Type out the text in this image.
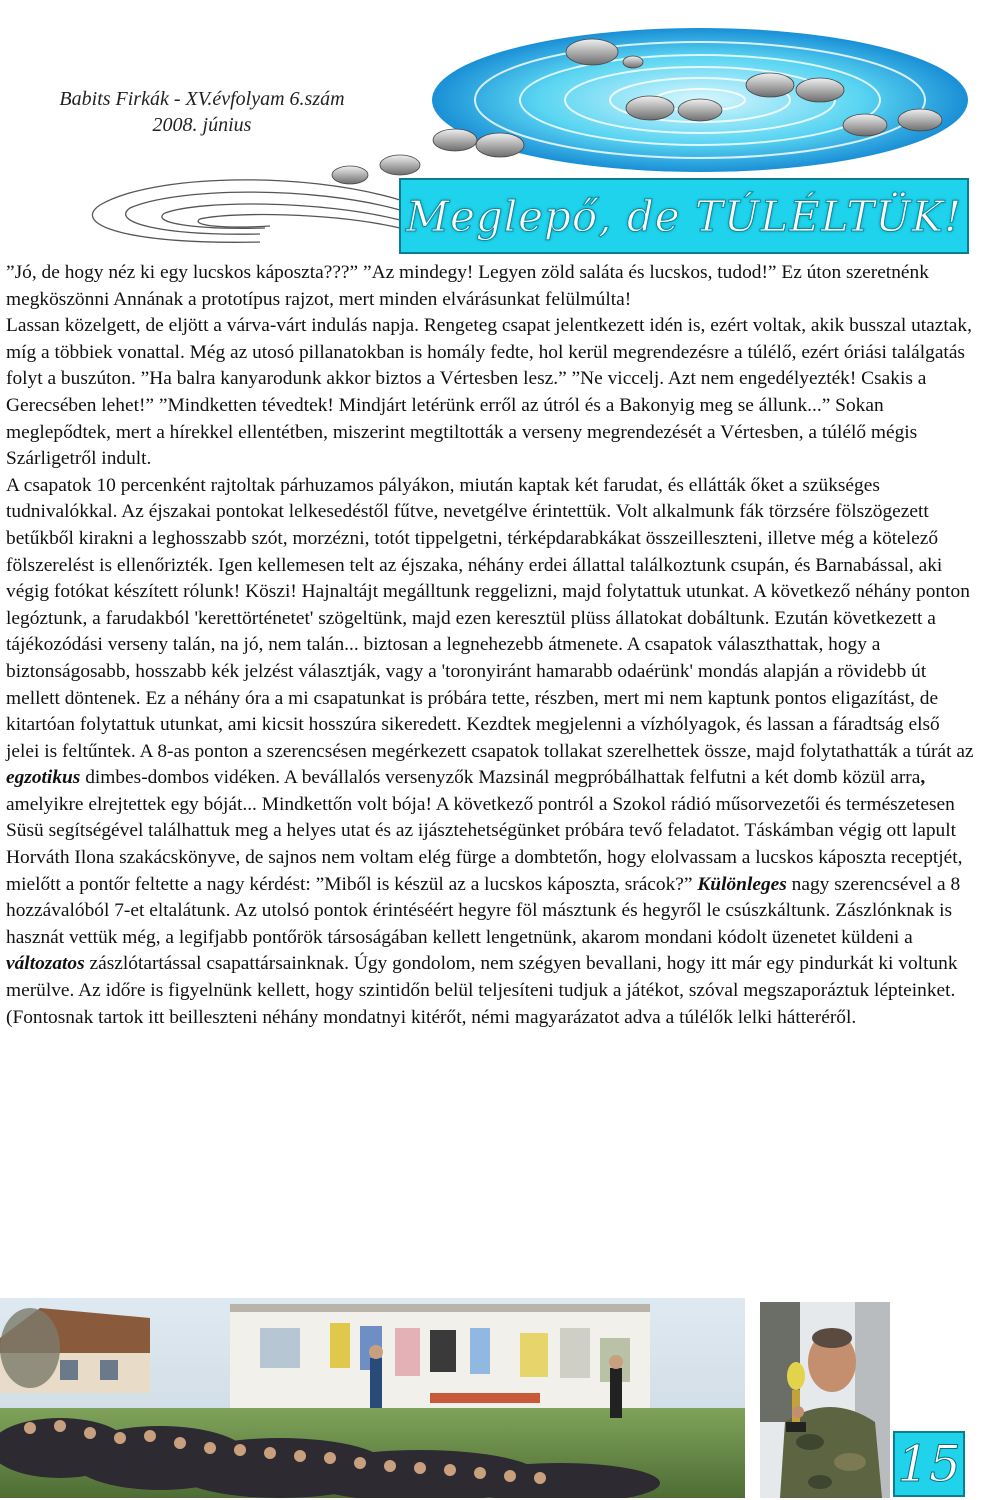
Babits Firkák - XV.évfolyam 6.szám
2008. június
Meglepő, de TÚLÉLTÜK!

”Jó, de hogy néz ki egy lucskos káposzta???” ”Az mindegy! Legyen zöld saláta és lucskos, tudod!” Ez úton szeretnénk megköszönni Annának a prototípus rajzot, mert minden elvárásunkat felülmúlta!

Lassan közelgett, de eljött a várva-várt indulás napja. Rengeteg csapat jelentkezett idén is, ezért voltak, akik busszal utaztak, míg a többiek vonattal. Még az utosó pillanatokban is homály fedte, hol kerül megrendezésre a túlélő, ezért óriási találgatás folyt a buszúton. ”Ha balra kanyarodunk akkor biztos a Vértesben lesz.” ”Ne viccelj. Azt nem engedélyezték! Csakis a Gerecsében lehet!” ”Mindketten tévedtek! Mindjárt letérünk erről az útról és a Bakonyig meg se állunk...” Sokan meglepődtek, mert a hírekkel ellentétben, miszerint megtiltották a verseny megrendezését a Vértesben, a túlélő mégis Szárligetről indult.

A csapatok 10 percenként rajtoltak párhuzamos pályákon, miután kaptak két farudat, és ellátták őket a szükséges tudnivalókkal. Az éjszakai pontokat lelkesedéstől fűtve, nevetgélve érintettük. Volt alkalmunk fák törzsére fölszögezett betűkből kirakni a leghosszabb szót, morzézni, totót tippelgetni, térképdarabkákat összeilleszteni, illetve még a kötelező fölszerelést is ellenőrizték. Igen kellemesen telt az éjszaka, néhány erdei állattal találkoztunk csupán, és Barnabással, aki végig fotókat készített rólunk! Köszi! Hajnaltájt megálltunk reggelizni, majd folytattuk utunkat. A következő néhány ponton legóztunk, a farudakból 'kerettörténetet' szögeltünk, majd ezen keresztül plüss állatokat dobáltunk. Ezután következett a tájékozódási verseny talán, na jó, nem talán... biztosan a legnehezebb átmenete. A csapatok választhattak, hogy a biztonságosabb, hosszabb kék jelzést választják, vagy a 'toronyiránt hamarabb odaérünk' mondás alapján a rövidebb út mellett döntenek. Ez a néhány óra a mi csapatunkat is próbára tette, részben, mert mi nem kaptunk pontos eligazítást, de kitartóan folytattuk utunkat, ami kicsit hosszúra sikeredett. Kezdtek megjelenni a vízhólyagok, és lassan a fáradtság első jelei is feltűntek. A 8-as ponton a szerencsésen megérkezett csapatok tollakat szerelhettek össze, majd folytathatták a túrát az egzotikus dimbes-dombos vidéken. A bevállalós versenyzők Mazsinál megpróbálhattak felfutni a két domb közül arra, amelyikre elrejtettek egy bóját... Mindkettőn volt bója! A következő pontról a Szokol rádió műsorvezetői és természetesen Süsü segítségével találhattuk meg a helyes utat és az ijásztehetségünket próbára tevő feladatot. Táskámban végig ott lapult Horváth Ilona szakácskönyve, de sajnos nem voltam elég fürge a dombtetőn, hogy elolvassam a lucskos káposzta receptjét, mielőtt a pontőr feltette a nagy kérdést: ”Miből is készül az a lucskos káposzta, srácok?” Különleges nagy szerencsével a 8 hozzávalóból 7-et eltalátunk. Az utolsó pontok érintéséért hegyre föl másztunk és hegyről le csúszkáltunk. Zászlónknak is hasznát vettük még, a legifjabb pontőrök társoságában kellett lengetnünk, akarom mondani kódolt üzenetet küldeni a változatos zászlótartással csapattársainknak. Úgy gondolom, nem szégyen bevallani, hogy itt már egy pindurkát ki voltunk merülve. Az időre is figyelnünk kellett, hogy szintidőn belül teljesíteni tudjuk a játékot, szóval megszaporáztuk lépteinket. (Fontosnak tartok itt beilleszteni néhány mondatnyi kitérőt, némi magyarázatot adva a túlélők lelki hátteréről.

15
